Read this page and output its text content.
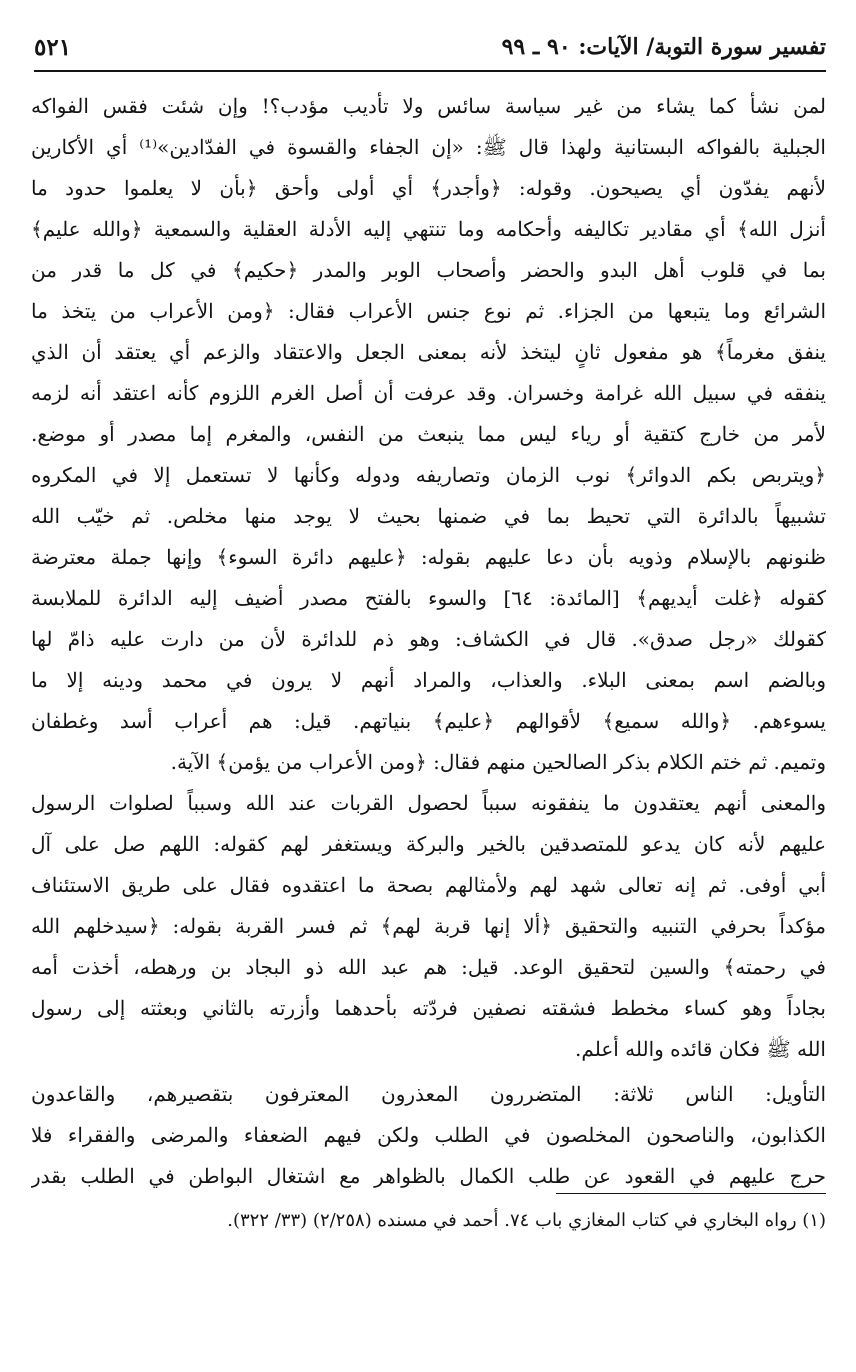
تفسير سورة التوبة/ الآيات: ٩٠ ـ ٩٩
٥٢١
لمن نشأ كما يشاء من غير سياسة سائس ولا تأديب مؤدب؟! وإن شئت فقس الفواكه
الجبلية بالفواكه البستانية ولهذا قال ﷺ: «إن الجفاء والقسوة في الفدّادين»⁽¹⁾ أي الأكارين
لأنهم يفدّون أي يصيحون. وقوله: ﴿وأجدر﴾ أي أولى وأحق ﴿بأن لا يعلموا حدود ما
أنزل الله﴾ أي مقادير تكاليفه وأحكامه وما تنتهي إليه الأدلة العقلية والسمعية ﴿والله عليم﴾
بما في قلوب أهل البدو والحضر وأصحاب الوبر والمدر ﴿حكيم﴾ في كل ما قدر من
الشرائع وما يتبعها من الجزاء. ثم نوع جنس الأعراب فقال: ﴿ومن الأعراب من يتخذ ما
ينفق مغرماً﴾ هو مفعول ثانٍ ليتخذ لأنه بمعنى الجعل والاعتقاد والزعم أي يعتقد أن الذي
ينفقه في سبيل الله غرامة وخسران. وقد عرفت أن أصل الغرم اللزوم كأنه اعتقد أنه لزمه
لأمر من خارج كتقية أو رياء ليس مما ينبعث من النفس، والمغرم إما مصدر أو موضع.
﴿ويتربص بكم الدوائر﴾ نوب الزمان وتصاريفه ودوله وكأنها لا تستعمل إلا في المكروه
تشبيهاً بالدائرة التي تحيط بما في ضمنها بحيث لا يوجد منها مخلص. ثم خيّب الله
ظنونهم بالإسلام وذويه بأن دعا عليهم بقوله: ﴿عليهم دائرة السوء﴾ وإنها جملة معترضة
كقوله ﴿غلت أيديهم﴾ [المائدة: ٦٤] والسوء بالفتح مصدر أضيف إليه الدائرة للملابسة
كقولك «رجل صدق». قال في الكشاف: وهو ذم للدائرة لأن من دارت عليه ذامّ لها
وبالضم اسم بمعنى البلاء. والعذاب، والمراد أنهم لا يرون في محمد ودينه إلا ما
يسوءهم. ﴿والله سميع﴾ لأقوالهم ﴿عليم﴾ بنياتهم. قيل: هم أعراب أسد وغطفان
وتميم. ثم ختم الكلام بذكر الصالحين منهم فقال: ﴿ومن الأعراب من يؤمن﴾ الآية.
والمعنى أنهم يعتقدون ما ينفقونه سبباً لحصول القربات عند الله وسبباً لصلوات الرسول
عليهم لأنه كان يدعو للمتصدقين بالخير والبركة ويستغفر لهم كقوله: اللهم صل على آل
أبي أوفى. ثم إنه تعالى شهد لهم ولأمثالهم بصحة ما اعتقدوه فقال على طريق الاستئناف
مؤكداً بحرفي التنبيه والتحقيق ﴿ألا إنها قربة لهم﴾ ثم فسر القربة بقوله: ﴿سيدخلهم الله
في رحمته﴾ والسين لتحقيق الوعد. قيل: هم عبد الله ذو البجاد بن ورهطه، أخذت أمه
بجاداً وهو كساء مخطط فشقته نصفين فردّته بأحدهما وأزرته بالثاني وبعثته إلى رسول
الله ﷺ فكان قائده والله أعلم.
التأويل: الناس ثلاثة: المتضررون المعذرون المعترفون بتقصيرهم، والقاعدون
الكذابون، والناصحون المخلصون في الطلب ولكن فيهم الضعفاء والمرضى والفقراء فلا
حرج عليهم في القعود عن طلب الكمال بالظواهر مع اشتغال البواطن في الطلب بقدر
(١) رواه البخاري في كتاب المغازي باب ٧٤. أحمد في مسنده (٢/٢٥٨) (٣٣/ ٣٢٢).
